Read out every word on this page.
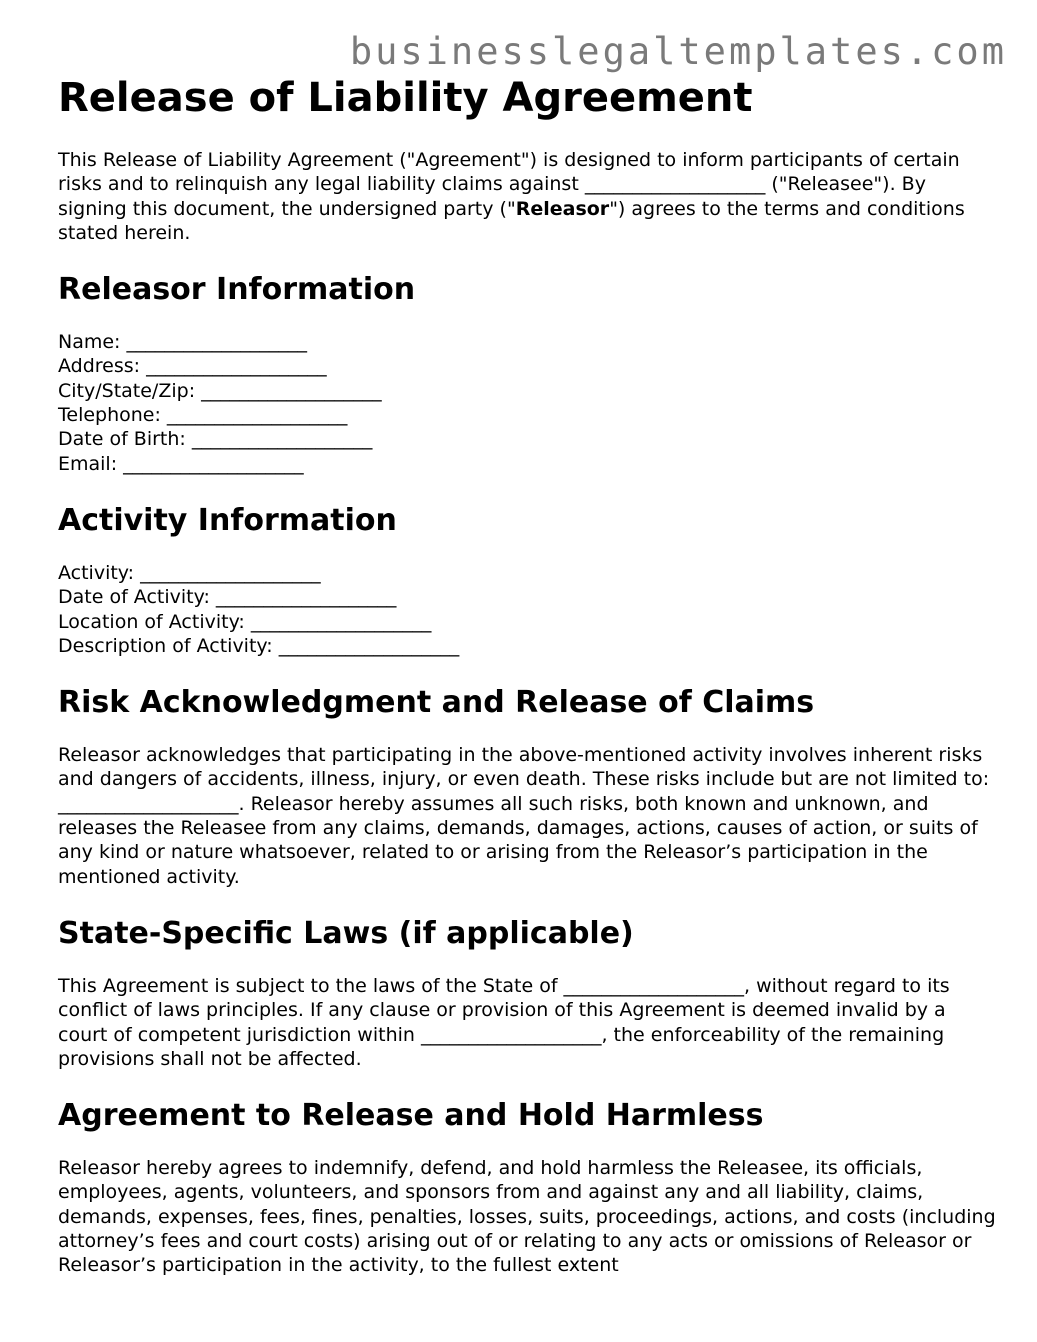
businesslegaltemplates.com
Release of Liability Agreement

This Release of Liability Agreement ("Agreement") is designed to inform participants of certain risks and to relinquish any legal liability claims against ___________________ ("Releasee"). By signing this document, the undersigned party ("Releasor") agrees to the terms and conditions stated herein.

Releasor Information
Name: ___________________
Address: ___________________
City/State/Zip: ___________________
Telephone: ___________________
Date of Birth: ___________________
Email: ___________________
Activity Information
Activity: ___________________
Date of Activity: ___________________
Location of Activity: ___________________
Description of Activity: ___________________
Risk Acknowledgment and Release of Claims

Releasor acknowledges that participating in the above-mentioned activity involves inherent risks and dangers of accidents, illness, injury, or even death. These risks include but are not limited to: ___________________. Releasor hereby assumes all such risks, both known and unknown, and releases the Releasee from any claims, demands, damages, actions, causes of action, or suits of any kind or nature whatsoever, related to or arising from the Releasor’s participation in the mentioned activity.

State-Specific Laws (if applicable)

This Agreement is subject to the laws of the State of ___________________, without regard to its conflict of laws principles. If any clause or provision of this Agreement is deemed invalid by a court of competent jurisdiction within ___________________, the enforceability of the remaining provisions shall not be affected.

Agreement to Release and Hold Harmless

Releasor hereby agrees to indemnify, defend, and hold harmless the Releasee, its officials, employees, agents, volunteers, and sponsors from and against any and all liability, claims, demands, expenses, fees, fines, penalties, losses, suits, proceedings, actions, and costs (including attorney’s fees and court costs) arising out of or relating to any acts or omissions of Releasor or Releasor’s participation in the activity, to the fullest extent
